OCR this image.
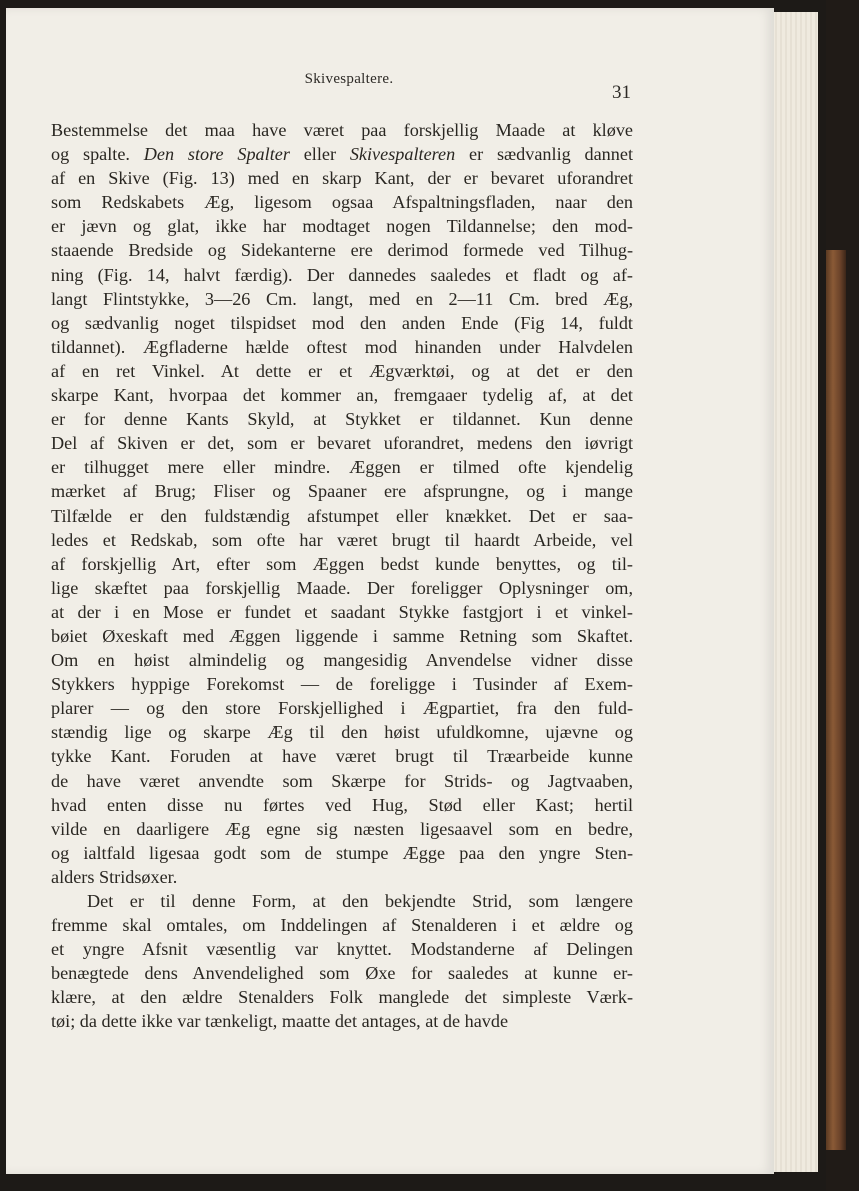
Skivespaltere.
31
Bestemmelse det maa have været paa forskjellig Maade at kløve
og spalte. Den store Spalter eller Skivespalteren er sædvanlig dannet
af en Skive (Fig. 13) med en skarp Kant, der er bevaret uforandret
som Redskabets Æg, ligesom ogsaa Afspaltningsfladen, naar den
er jævn og glat, ikke har modtaget nogen Tildannelse; den mod-
staaende Bredside og Sidekanterne ere derimod formede ved Tilhug-
ning (Fig. 14, halvt færdig). Der dannedes saaledes et fladt og af-
langt Flintstykke, 3—26 Cm. langt, med en 2—11 Cm. bred Æg,
og sædvanlig noget tilspidset mod den anden Ende (Fig 14, fuldt
tildannet). Ægfladerne hælde oftest mod hinanden under Halvdelen
af en ret Vinkel. At dette er et Ægværktøi, og at det er den
skarpe Kant, hvorpaa det kommer an, fremgaaer tydelig af, at det
er for denne Kants Skyld, at Stykket er tildannet. Kun denne
Del af Skiven er det, som er bevaret uforandret, medens den iøvrigt
er tilhugget mere eller mindre. Æggen er tilmed ofte kjendelig
mærket af Brug; Fliser og Spaaner ere afsprungne, og i mange
Tilfælde er den fuldstændig afstumpet eller knækket. Det er saa-
ledes et Redskab, som ofte har været brugt til haardt Arbeide, vel
af forskjellig Art, efter som Æggen bedst kunde benyttes, og til-
lige skæftet paa forskjellig Maade. Der foreligger Oplysninger om,
at der i en Mose er fundet et saadant Stykke fastgjort i et vinkel-
bøiet Øxeskaft med Æggen liggende i samme Retning som Skaftet.
Om en høist almindelig og mangesidig Anvendelse vidner disse
Stykkers hyppige Forekomst — de foreligge i Tusinder af Exem-
plarer — og den store Forskjellighed i Ægpartiet, fra den fuld-
stændig lige og skarpe Æg til den høist ufuldkomne, ujævne og
tykke Kant. Foruden at have været brugt til Træarbeide kunne
de have været anvendte som Skærpe for Strids- og Jagtvaaben,
hvad enten disse nu førtes ved Hug, Stød eller Kast; hertil
vilde en daarligere Æg egne sig næsten ligesaavel som en bedre,
og ialtfald ligesaa godt som de stumpe Ægge paa den yngre Sten-
alders Stridsøxer.
Det er til denne Form, at den bekjendte Strid, som længere
fremme skal omtales, om Inddelingen af Stenalderen i et ældre og
et yngre Afsnit væsentlig var knyttet. Modstanderne af Delingen
benægtede dens Anvendelighed som Øxe for saaledes at kunne er-
klære, at den ældre Stenalders Folk manglede det simpleste Værk-
tøi; da dette ikke var tænkeligt, maatte det antages, at de havde
